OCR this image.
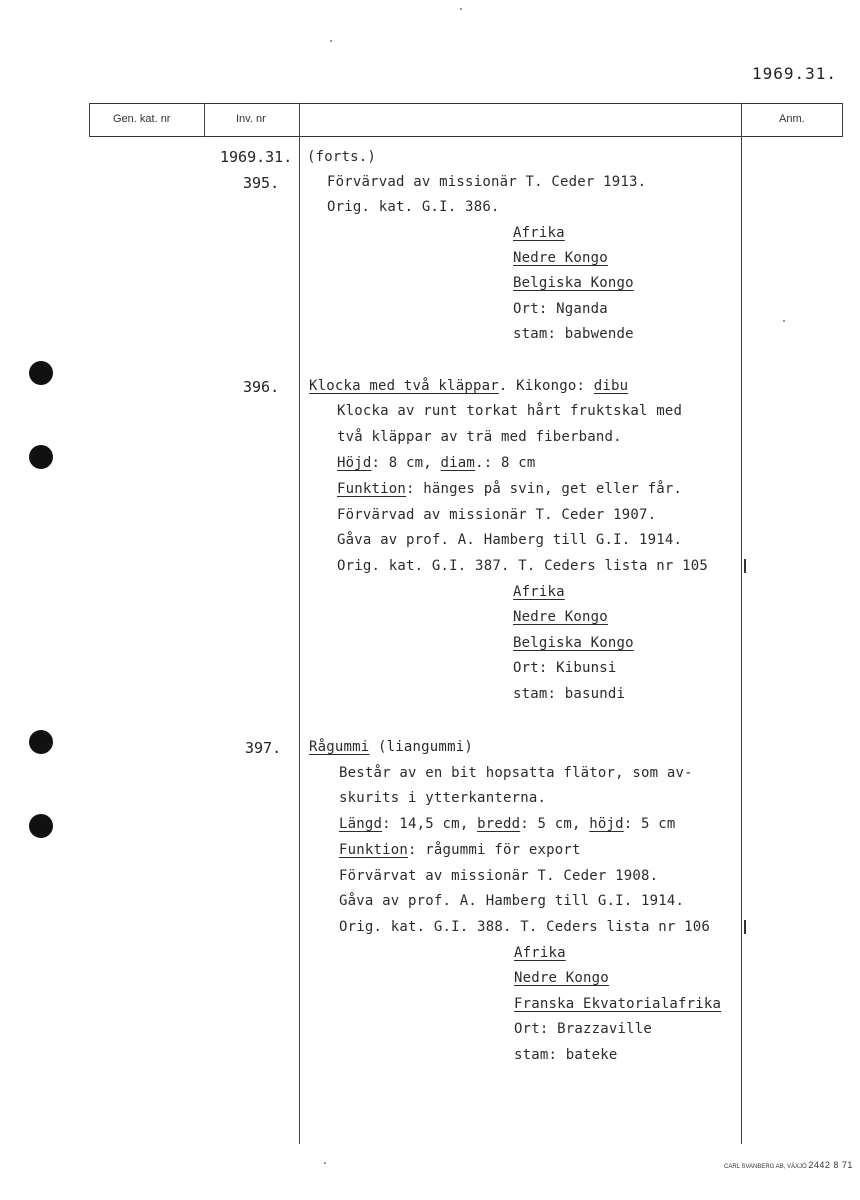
1969.31.
Gen. kat. nr	Inv. nr	Anm.
1969.31. (forts.)
395.	Förvärvad av missionär T. Ceder 1913.
Orig. kat. G.I. 386.
Afrika
Nedre Kongo
Belgiska Kongo
Ort: Nganda
stam: babwende
396. Klocka med två kläppar. Kikongo: dibu
Klocka av runt torkat hårt fruktskal med
två kläppar av trä med fiberband.
Höjd: 8 cm, diam.: 8 cm
Funktion: hänges på svin, get eller får.
Förvärvad av missionär T. Ceder 1907.
Gåva av prof. A. Hamberg till G.I. 1914.
Orig. kat. G.I. 387. T. Ceders lista nr 105
Afrika
Nedre Kongo
Belgiska Kongo
Ort: Kibunsi
stam: basundi
397. Rågummi (liangummi)
Består av en bit hopsatta flätor, som av-
skurits i ytterkanterna.
Längd: 14,5 cm, bredd: 5 cm, höjd: 5 cm
Funktion: rågummi för export
Förvärvat av missionär T. Ceder 1908.
Gåva av prof. A. Hamberg till G.I. 1914.
Orig. kat. G.I. 388. T. Ceders lista nr 106
Afrika
Nedre Kongo
Franska Ekvatorialafrika
Ort: Brazzaville
stam: bateke
CARL SVANBERG AB, VÄXJÖ 2442 8 71
